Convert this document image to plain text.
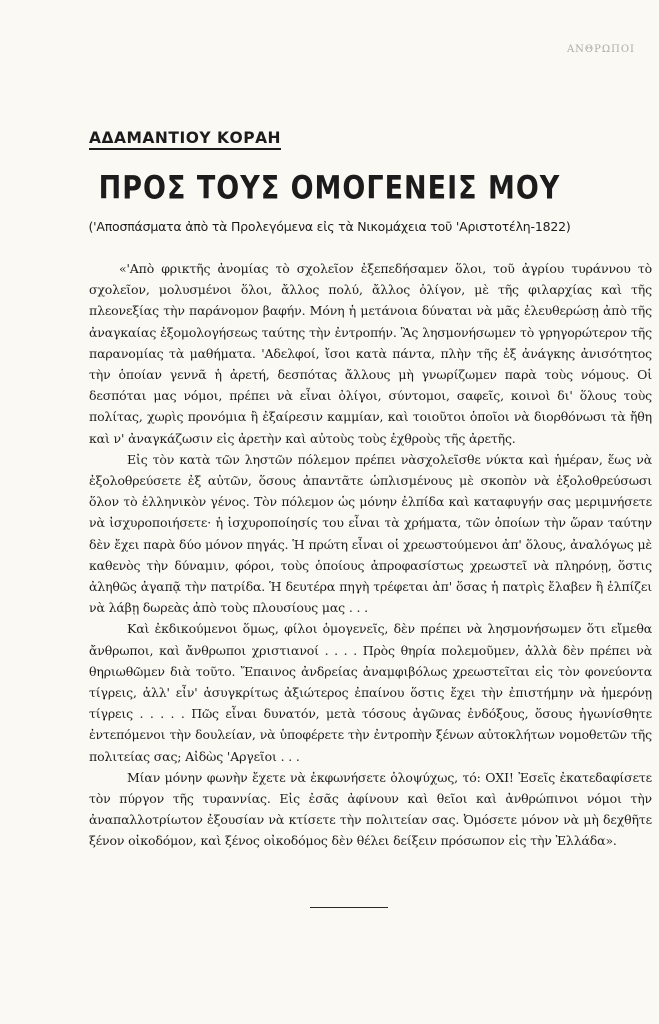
ΑΝΘΡΩΠΟΙ
ΑΔΑΜΑΝΤΙΟΥ ΚΟΡΑΗ
ΠΡΟΣ ΤΟΥΣ ΟΜΟΓΕΝΕΙΣ ΜΟΥ
('Αποσπάσματα ἀπὸ τὰ Προλεγόμενα εἰς τὰ Νικομάχεια τοῦ 'Αριστοτέλη-1822)

«'Απὸ φρικτῆς ἀνομίας τὸ σχολεῖον ἐξεπεδήσαμεν ὅλοι, τοῦ ἀγρίου τυράννου τὸ σχολεῖον, μολυσμένοι ὅλοι, ἄλλος πολύ, ἄλλος ὀλίγον, μὲ τῆς φιλαρχίας καὶ τῆς πλεονεξίας τὴν παράνομον βαφήν. Μόνη ἡ μετάνοια δύναται νὰ μᾶς ἐλευθερώσῃ ἀπὸ τῆς ἀναγκαίας ἐξομολογήσεως ταύτης τὴν ἐντροπήν. Ἂς λησμονήσωμεν τὸ γρηγορώτερον τῆς παρανομίας τὰ μαθήματα. 'Αδελφοί, ἴσοι κατὰ πάντα, πλὴν τῆς ἐξ ἀνάγκης ἀνισότητος τὴν ὁποίαν γεννᾶ ἡ ἀρετή, δεσπότας ἄλλους μὴ γνωρίζωμεν παρὰ τοὺς νόμους. Οἱ δεσπόται μας νόμοι, πρέπει νὰ εἶναι ὀλίγοι, σύντομοι, σαφεῖς, κοινοὶ δι' ὅλους τοὺς πολίτας, χωρὶς προνόμια ἢ ἐξαίρεσιν καμμίαν, καὶ τοιοῦτοι ὁποῖοι νὰ διορθόνωσι τὰ ἤθη καὶ ν' ἀναγκάζωσιν εἰς ἀρετὴν καὶ αὐτοὺς τοὺς ἐχθροὺς τῆς ἀρετῆς.

Εἰς τὸν κατὰ τῶν ληστῶν πόλεμον πρέπει νὰσχολεῖσθε νύκτα καὶ ἡμέραν, ἕως νὰ ἐξολοθρεύσετε ἐξ αὐτῶν, ὅσους ἀπαντᾶτε ὡπλισμένους μὲ σκοπὸν νὰ ἐξολοθρεύσωσι ὅλον τὸ ἑλληνικὸν γένος. Τὸν πόλεμον ὡς μόνην ἐλπίδα καὶ καταφυγήν σας μεριμνήσετε νὰ ἰσχυροποιήσετε· ἡ ἰσχυροποίησίς του εἶναι τὰ χρήματα, τῶν ὁποίων τὴν ὥραν ταύτην δὲν ἔχει παρὰ δύο μόνον πηγάς. Ἡ πρώτη εἶναι οἱ χρεωστούμενοι ἀπ' ὅλους, ἀναλόγως μὲ καθενὸς τὴν δύναμιν, φόροι, τοὺς ὁποίους ἀπροφασίστως χρεωστεῖ νὰ πληρόνῃ, ὅστις ἀληθῶς ἀγαπᾷ τὴν πατρίδα. Ἡ δευτέρα πηγὴ τρέφεται ἀπ' ὅσας ἡ πατρὶς ἔλαβεν ἢ ἐλπίζει νὰ λάβῃ δωρεὰς ἀπὸ τοὺς πλουσίους μας . . .

Καὶ ἐκδικούμενοι ὅμως, φίλοι ὁμογενεῖς, δὲν πρέπει νὰ λησμονήσωμεν ὅτι εἴμεθα ἄνθρωποι, καὶ ἄνθρωποι χριστιανοί . . . . Πρὸς θηρία πολεμοῦμεν, ἀλλὰ δὲν πρέπει νὰ θηριωθῶμεν διὰ τοῦτο. Ἔπαινος ἀνδρείας ἀναμφιβόλως χρεωστεῖται εἰς τὸν φονεύοντα τίγρεις, ἀλλ' εἶν' ἀσυγκρίτως ἀξιώτερος ἐπαίνου ὅστις ἔχει τὴν ἐπιστήμην νὰ ἡμερόνῃ τίγρεις . . . . . Πῶς εἶναι δυνατόν, μετὰ τόσους ἀγῶνας ἐνδόξους, ὅσους ἠγωνίσθητε ἐντεπόμενοι τὴν δουλείαν, νὰ ὑποφέρετε τὴν ἐντροπὴν ξένων αὐτοκλήτων νομοθετῶν τῆς πολιτείας σας; Αἰδὼς 'Αργεῖοι . . .

Μίαν μόνην φωνὴν ἔχετε νὰ ἐκφωνήσετε ὁλοψύχως, τό: ΟΧΙ! Ἐσεῖς ἐκατεδαφίσετε τὸν πύργον τῆς τυραννίας. Εἰς ἐσᾶς ἀφίνουν καὶ θεῖοι καὶ ἀνθρώπινοι νόμοι τὴν ἀναπαλλοτρίωτον ἐξουσίαν νὰ κτίσετε τὴν πολιτείαν σας. Ὀμόσετε μόνον νὰ μὴ δεχθῆτε ξένον οἰκοδόμον, καὶ ξένος οἰκοδόμος δὲν θέλει δείξειν πρόσωπον εἰς τὴν Ἑλλάδα».
